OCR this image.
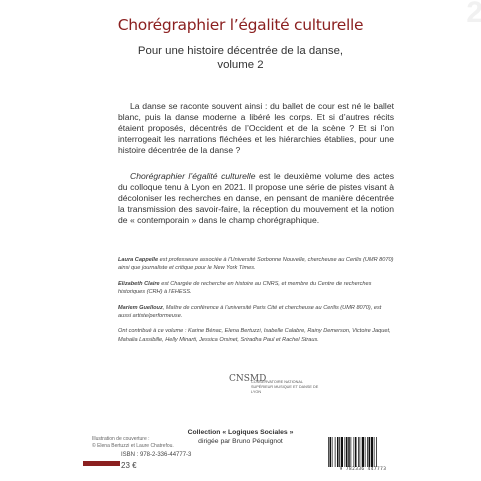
2
Chorégraphier l’égalité culturelle
Pour une histoire décentrée de la danse,
volume 2

La danse se raconte souvent ainsi : du ballet de cour est né le ballet blanc, puis la danse moderne a libéré les corps. Et si d’autres récits étaient proposés, décentrés de l’Occident et de la scène ? Et si l’on interrogeait les narrations fléchées et les hiérarchies établies, pour une histoire décentrée de la danse ?

Chorégraphier l’égalité culturelle est le deuxième volume des actes du colloque tenu à Lyon en 2021. Il propose une série de pistes visant à décoloniser les recherches en danse, en pensant de manière décentrée la transmission des savoir-faire, la réception du mouvement et la notion de « contemporain » dans le champ chorégraphique.

Laura Cappelle est professeure associée à l’Université Sorbonne Nouvelle, chercheuse au Cerilis (UMR 8070) ainsi que journaliste et critique pour le New York Times.

Elizabeth Claire est Chargée de recherche en histoire au CNRS, et membre du Centre de recherches historiques (CRH) à l’EHESS.

Mariem Guellouz, Maître de conférence à l’université Paris Cité et chercheuse au Cerilis (UMR 8070), est aussi artiste/performeuse.

Ont contribué à ce volume : Karine Bénac, Elena Bertuzzi, Isabelle Calabre, Rainy Demerson, Victoire Jaquet, Mahalia Lassibille, Helly Minarti, Jessica Orsinet, Sriradha Paul et Rachel Straus.

CNSMD
CONSERVATOIRE NATIONAL SUPÉRIEUR MUSIQUE ET DANSE DE LYON
Collection « Logiques Sociales »
dirigée par Bruno Péquignot
Illustration de couverture :
© Elena Bertuzzi et Laure Chatrefou.
ISBN : 978-2-336-44777-3
23 €	9 782336 447773
